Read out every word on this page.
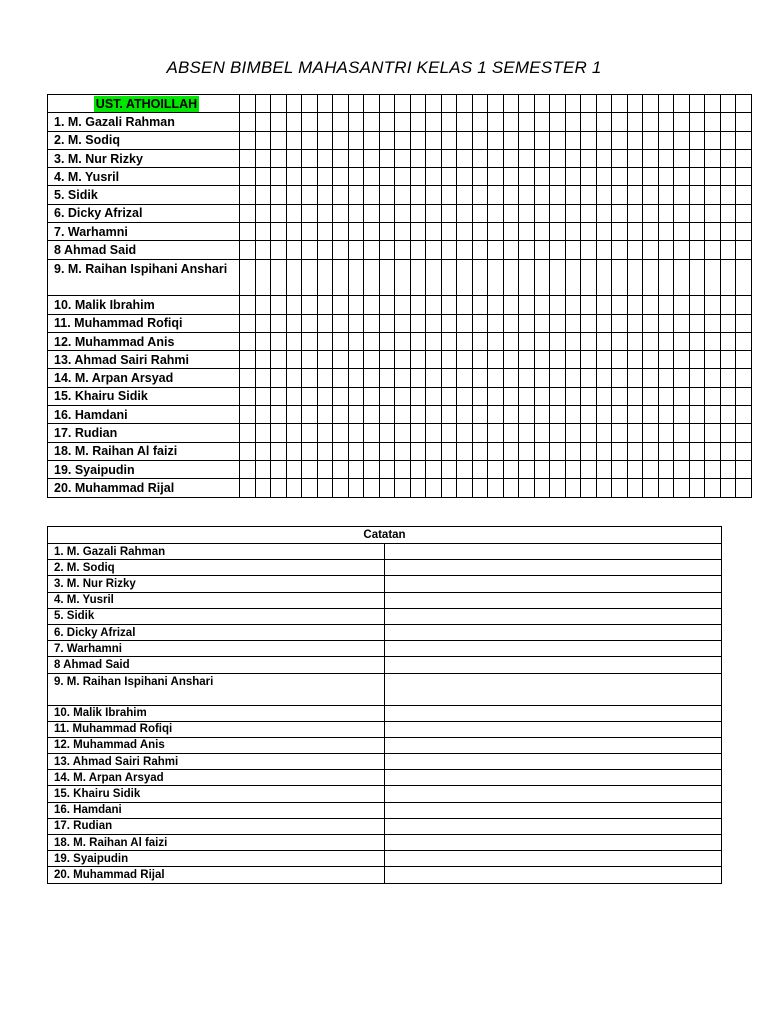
ABSEN BIMBEL MAHASANTRI KELAS 1 SEMESTER 1
UST. ATHOILLAH																																	

1. M. Gazali Rahman																																	
2. M. Sodiq																																	
3. M. Nur Rizky																																	
4. M. Yusril																																	
5. Sidik																																	
6. Dicky Afrizal																																	
7. Warhamni																																	
8 Ahmad Said																																	
9. M. Raihan Ispihani Anshari																																	
10. Malik Ibrahim																																	
11. Muhammad Rofiqi																																	
12. Muhammad Anis																																	
13. Ahmad Sairi Rahmi																																	
14. M. Arpan Arsyad																																	
15. Khairu Sidik																																	
16. Hamdani																																	
17. Rudian																																	
18. M. Raihan Al faizi																																	
19. Syaipudin																																	
20. Muhammad Rijal																																	
Catatan	
1. M. Gazali Rahman	
2. M. Sodiq	
3. M. Nur Rizky	
4. M. Yusril	
5. Sidik	
6. Dicky Afrizal	
7. Warhamni	
8 Ahmad Said	
9. M. Raihan Ispihani Anshari	
10. Malik Ibrahim	
11. Muhammad Rofiqi	
12. Muhammad Anis	
13. Ahmad Sairi Rahmi	
14. M. Arpan Arsyad	
15. Khairu Sidik	
16. Hamdani	
17. Rudian	
18. M. Raihan Al faizi	
19. Syaipudin	
20. Muhammad Rijal	
